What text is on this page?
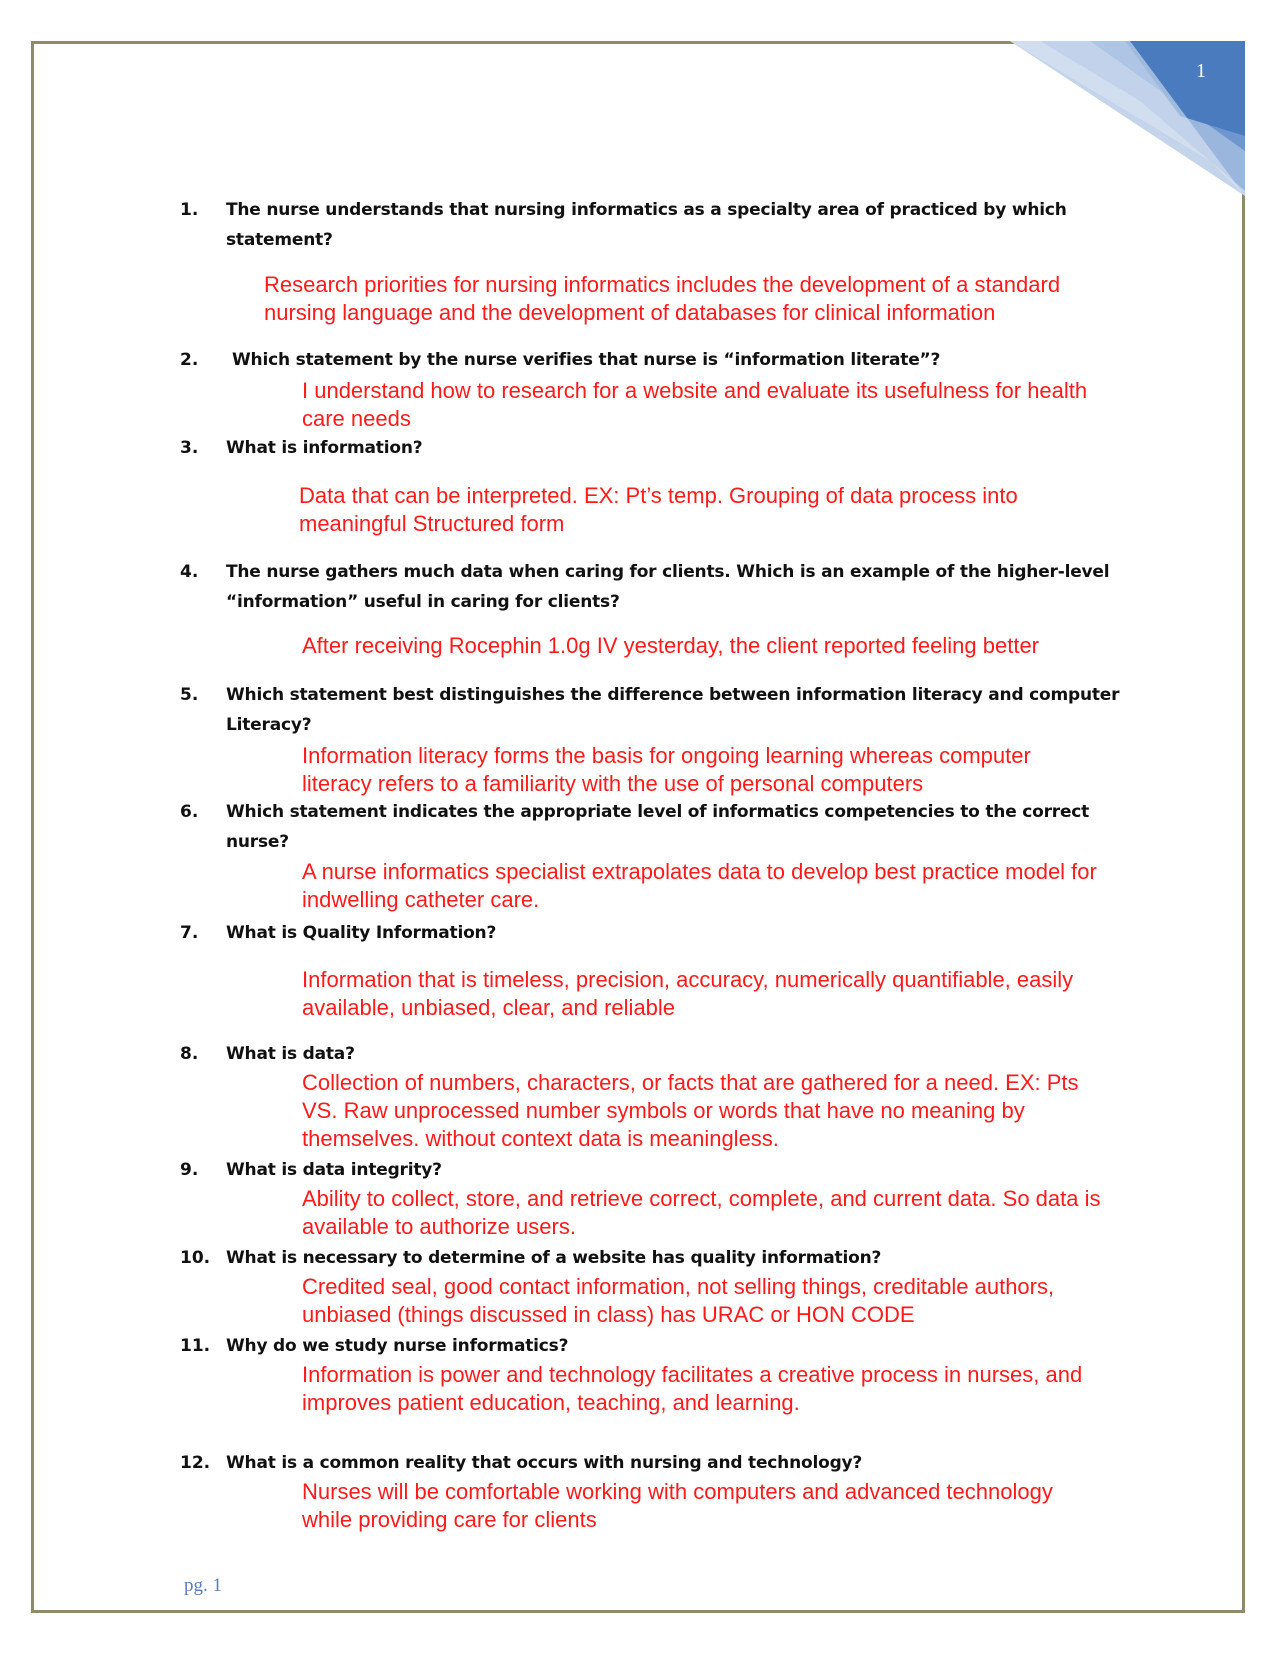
1
1.	The nurse understands that nursing informatics as a specialty area of practiced by which statement?
Research priorities for nursing informatics includes the development of a standard nursing language and the development of databases for clinical information
2.	Which statement by the nurse verifies that nurse is “information literate”?
I understand how to research for a website and evaluate its usefulness for health care needs
3.	What is information?
Data that can be interpreted. EX: Pt’s temp. Grouping of data process into meaningful Structured form
4.	The nurse gathers much data when caring for clients. Which is an example of the higher-level “information” useful in caring for clients?
After receiving Rocephin 1.0g IV yesterday, the client reported feeling better
5.	Which statement best distinguishes the difference between information literacy and computer Literacy?
Information literacy forms the basis for ongoing learning whereas computer literacy refers to a familiarity with the use of personal computers
6.	Which statement indicates the appropriate level of informatics competencies to the correct nurse?
A nurse informatics specialist extrapolates data to develop best practice model for indwelling catheter care.
7.	What is Quality Information?
Information that is timeless, precision, accuracy, numerically quantifiable, easily available, unbiased, clear, and reliable
8.	What is data?
Collection of numbers, characters, or facts that are gathered for a need. EX: Pts VS. Raw unprocessed number symbols or words that have no meaning by themselves. without context data is meaningless.
9.	What is data integrity?
Ability to collect, store, and retrieve correct, complete, and current data. So data is available to authorize users.
10. What is necessary to determine of a website has quality information?
Credited seal, good contact information, not selling things, creditable authors, unbiased (things discussed in class) has URAC or HON CODE
11. Why do we study nurse informatics?
Information is power and technology facilitates a creative process in nurses, and improves patient education, teaching, and learning.
12. What is a common reality that occurs with nursing and technology?
Nurses will be comfortable working with computers and advanced technology while providing care for clients
pg. 1
